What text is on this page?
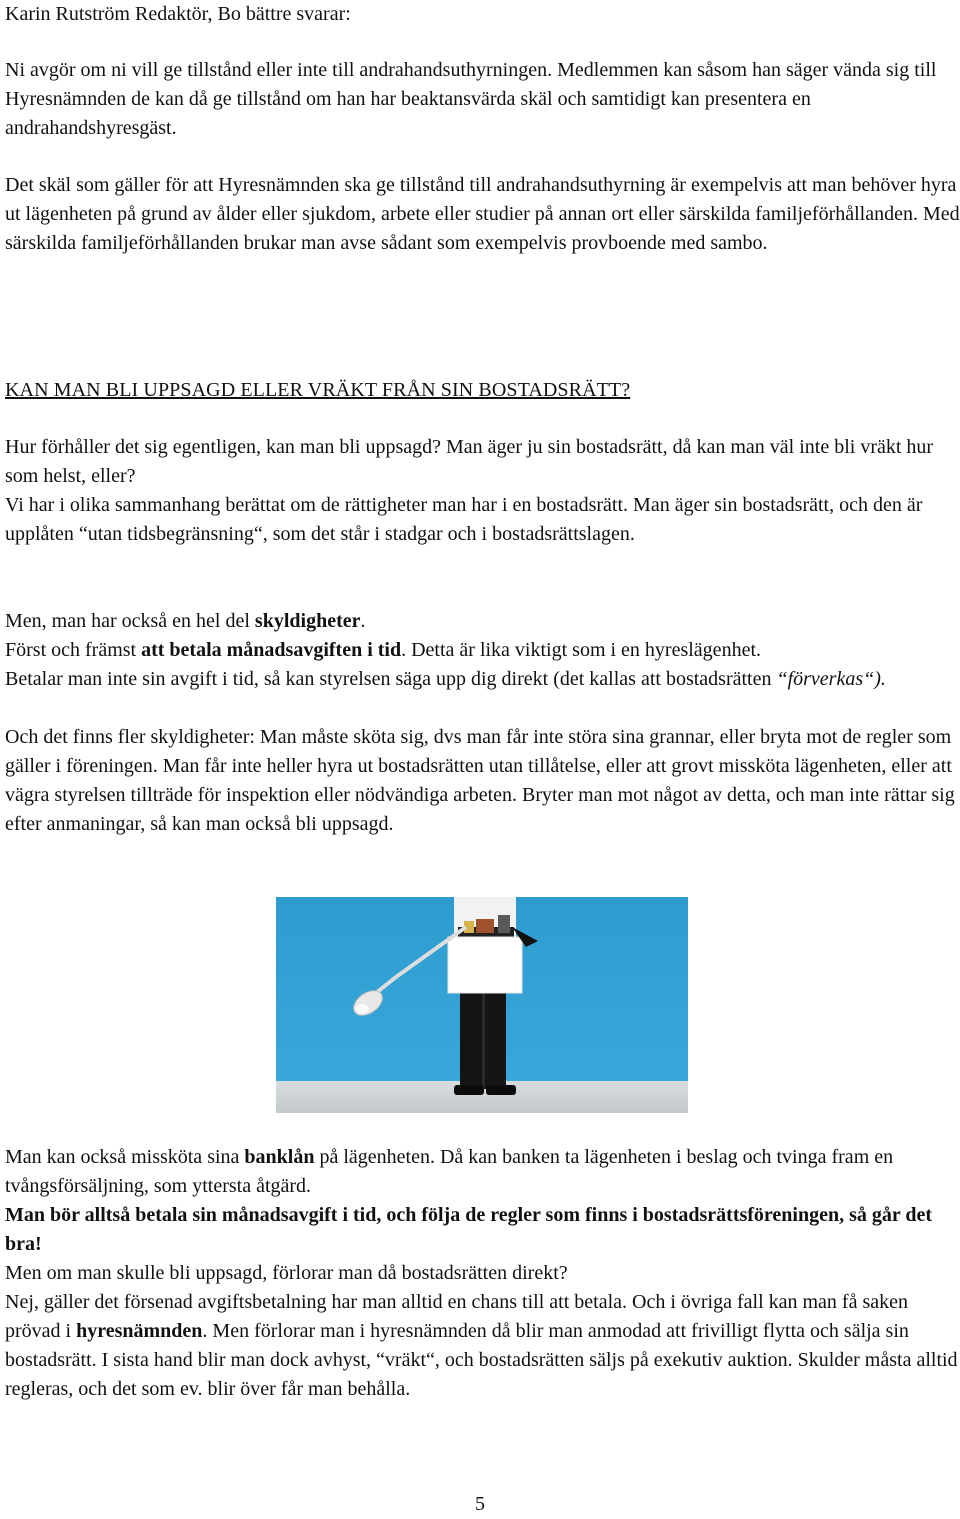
Karin Rutström Redaktör, Bo bättre svarar:

Ni avgör om ni vill ge tillstånd eller inte till andrahandsuthyrningen. Medlemmen kan såsom han säger vända sig till Hyresnämnden de kan då ge tillstånd om han har beaktansvärda skäl och samtidigt kan presentera en andrahandshyresgäst.

Det skäl som gäller för att Hyresnämnden ska ge tillstånd till andrahandsuthyrning är exempelvis att man behöver hyra ut lägenheten på grund av ålder eller sjukdom, arbete eller studier på annan ort eller särskilda familjeförhållanden. Med särskilda familjeförhållanden brukar man avse sådant som exempelvis provboende med sambo.

KAN MAN BLI UPPSAGD ELLER VRÄKT FRÅN SIN BOSTADSRÄTT?

Hur förhåller det sig egentligen, kan man bli uppsagd? Man äger ju sin bostadsrätt, då kan man väl inte bli vräkt hur som helst, eller?

Vi har i olika sammanhang berättat om de rättigheter man har i en bostadsrätt. Man äger sin bostadsrätt, och den är upplåten “utan tidsbegränsning“, som det står i stadgar och i bostadsrättslagen.

Men, man har också en hel del skyldigheter.

Först och främst att betala månadsavgiften i tid. Detta är lika viktigt som i en hyreslägenhet.

Betalar man inte sin avgift i tid, så kan styrelsen säga upp dig direkt (det kallas att bostadsrätten “förverkas“).

Och det finns fler skyldigheter: Man måste sköta sig, dvs man får inte störa sina grannar, eller bryta mot de regler som gäller i föreningen. Man får inte heller hyra ut bostadsrätten utan tillåtelse, eller att grovt missköta lägenheten, eller att vägra styrelsen tillträde för inspektion eller nödvändiga arbeten. Bryter man mot något av detta, och man inte rättar sig efter anmaningar, så kan man också bli uppsagd.

Man kan också missköta sina banklån på lägenheten. Då kan banken ta lägenheten i beslag och tvinga fram en tvångsförsäljning, som yttersta åtgärd.

Man bör alltså betala sin månadsavgift i tid, och följa de regler som finns i bostadsrättsföreningen, så går det bra!

Men om man skulle bli uppsagd, förlorar man då bostadsrätten direkt?

Nej, gäller det försenad avgiftsbetalning har man alltid en chans till att betala. Och i övriga fall kan man få saken prövad i hyresnämnden. Men förlorar man i hyresnämnden då blir man anmodad att frivilligt flytta och sälja sin bostadsrätt. I sista hand blir man dock avhyst, “vräkt“, och bostadsrätten säljs på exekutiv auktion. Skulder måsta alltid regleras, och det som ev. blir över får man behålla.

5
